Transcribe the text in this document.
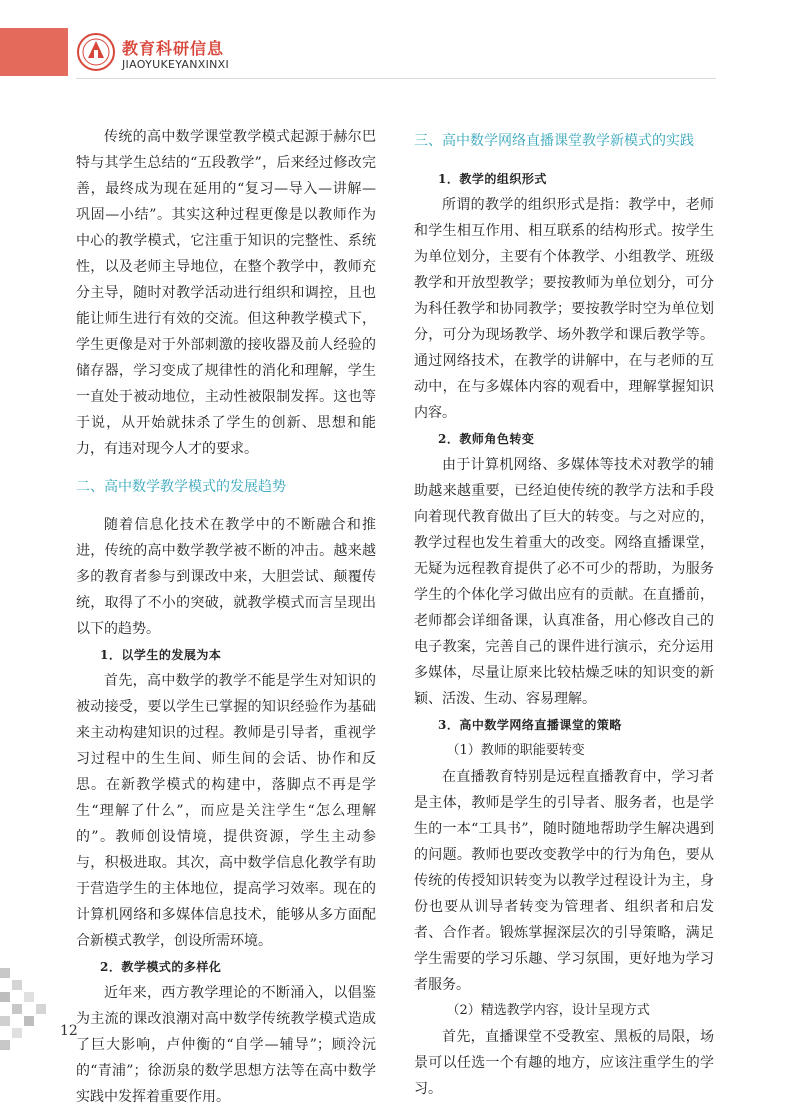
教育科研信息
JIAOYUKEYANXINXI

传统的高中数学课堂教学模式起源于赫尔巴特与其学生总结的“五段教学”，后来经过修改完善，最终成为现在延用的“复习—导入—讲解—巩固—小结”。其实这种过程更像是以教师作为中心的教学模式，它注重于知识的完整性、系统性，以及老师主导地位，在整个教学中，教师充分主导，随时对教学活动进行组织和调控，且也能让师生进行有效的交流。但这种教学模式下，学生更像是对于外部刺激的接收器及前人经验的储存器，学习变成了规律性的消化和理解，学生一直处于被动地位，主动性被限制发挥。这也等于说，从开始就抹杀了学生的创新、思想和能力，有违对现今人才的要求。

二、高中数学教学模式的发展趋势

随着信息化技术在教学中的不断融合和推进，传统的高中数学教学被不断的冲击。越来越多的教育者参与到课改中来，大胆尝试、颠覆传统，取得了不小的突破，就教学模式而言呈现出以下的趋势。

1．以学生的发展为本

首先，高中数学的教学不能是学生对知识的被动接受，要以学生已掌握的知识经验作为基础来主动构建知识的过程。教师是引导者，重视学习过程中的生生间、师生间的会话、协作和反思。在新教学模式的构建中，落脚点不再是学生“理解了什么”，而应是关注学生“怎么理解的”。教师创设情境，提供资源，学生主动参与，积极进取。其次，高中数学信息化教学有助于营造学生的主体地位，提高学习效率。现在的计算机网络和多媒体信息技术，能够从多方面配合新模式教学，创设所需环境。

2．教学模式的多样化

近年来，西方教学理论的不断涌入，以倡鉴为主流的课改浪潮对高中数学传统教学模式造成了巨大影响，卢仲衡的“自学—辅导”；顾泠沅的“青浦”；徐沥泉的数学思想方法等在高中数学实践中发挥着重要作用。

三、高中数学网络直播课堂教学新模式的实践
1．教学的组织形式

所谓的教学的组织形式是指：教学中，老师和学生相互作用、相互联系的结构形式。按学生为单位划分，主要有个体教学、小组教学、班级教学和开放型教学；要按教师为单位划分，可分为科任教学和协同教学；要按教学时空为单位划分，可分为现场教学、场外教学和课后教学等。通过网络技术，在教学的讲解中，在与老师的互动中，在与多媒体内容的观看中，理解掌握知识内容。

2．教师角色转变

由于计算机网络、多媒体等技术对教学的辅助越来越重要，已经迫使传统的教学方法和手段向着现代教育做出了巨大的转变。与之对应的，教学过程也发生着重大的改变。网络直播课堂，无疑为远程教育提供了必不可少的帮助，为服务学生的个体化学习做出应有的贡献。在直播前，老师都会详细备课，认真准备，用心修改自己的电子教案，完善自己的课件进行演示，充分运用多媒体，尽量让原来比较枯燥乏味的知识变的新颖、活泼、生动、容易理解。

3．高中数学网络直播课堂的策略
（1）教师的职能要转变

在直播教育特别是远程直播教育中，学习者是主体，教师是学生的引导者、服务者，也是学生的一本“工具书”，随时随地帮助学生解决遇到的问题。教师也要改变教学中的行为角色，要从传统的传授知识转变为以教学过程设计为主，身份也要从训导者转变为管理者、组织者和启发者、合作者。锻炼掌握深层次的引导策略，满足学生需要的学习乐趣、学习氛围，更好地为学习者服务。

（2）精选教学内容，设计呈现方式

首先，直播课堂不受教室、黑板的局限，场景可以任选一个有趣的地方，应该注重学生的学习。

12
